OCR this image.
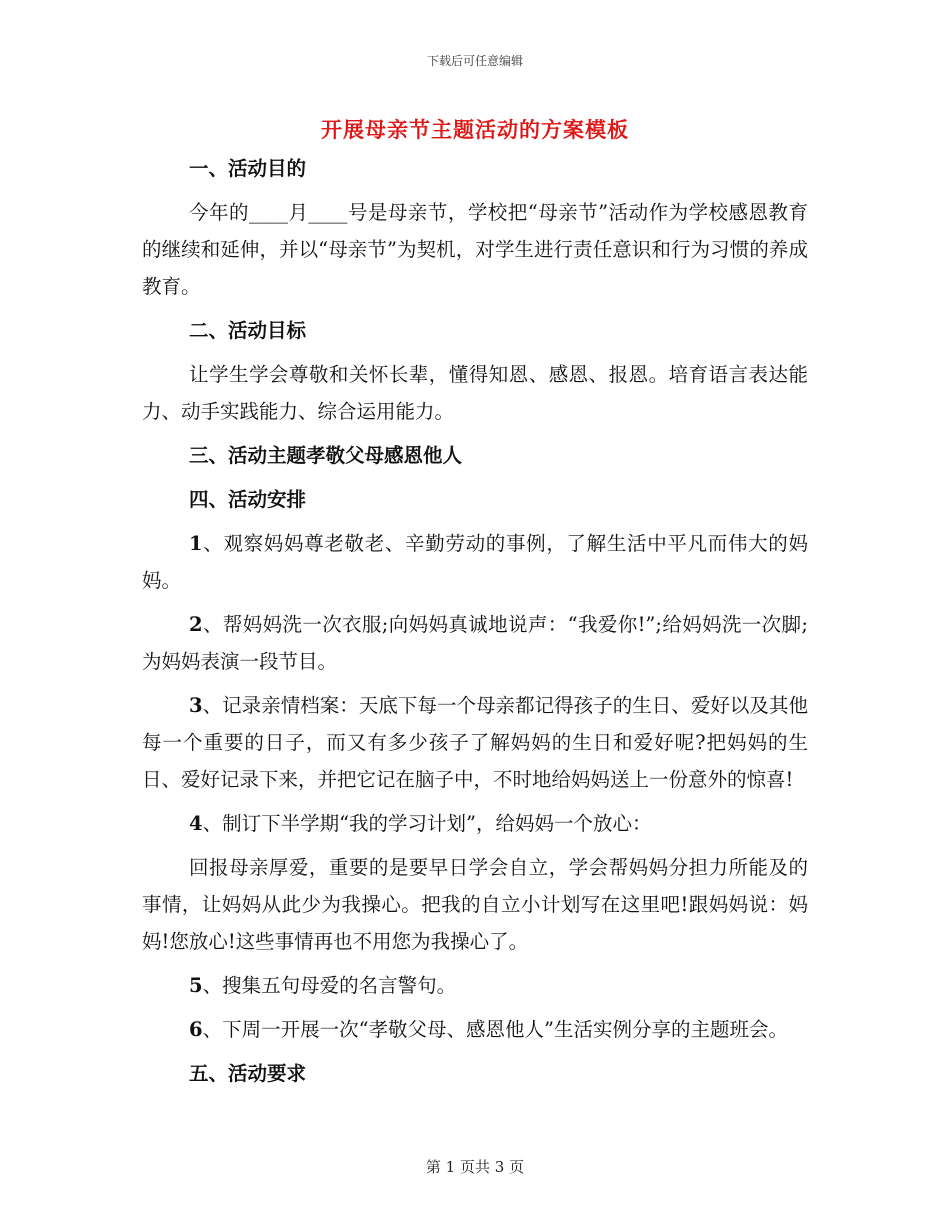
下载后可任意编辑
开展母亲节主题活动的方案模板

一、活动目的

今年的____月____号是母亲节，学校把“母亲节”活动作为学校感恩教育的继续和延伸，并以“母亲节”为契机，对学生进行责任意识和行为习惯的养成教育。

二、活动目标

让学生学会尊敬和关怀长辈，懂得知恩、感恩、报恩。培育语言表达能力、动手实践能力、综合运用能力。

三、活动主题孝敬父母感恩他人

四、活动安排

1、观察妈妈尊老敬老、辛勤劳动的事例，了解生活中平凡而伟大的妈妈。

2、帮妈妈洗一次衣服;向妈妈真诚地说声：“我爱你!”;给妈妈洗一次脚;为妈妈表演一段节目。

3、记录亲情档案：天底下每一个母亲都记得孩子的生日、爱好以及其他每一个重要的日子，而又有多少孩子了解妈妈的生日和爱好呢?把妈妈的生日、爱好记录下来，并把它记在脑子中，不时地给妈妈送上一份意外的惊喜!

4、制订下半学期“我的学习计划”，给妈妈一个放心：

回报母亲厚爱，重要的是要早日学会自立，学会帮妈妈分担力所能及的事情，让妈妈从此少为我操心。把我的自立小计划写在这里吧!跟妈妈说：妈妈!您放心!这些事情再也不用您为我操心了。

5、搜集五句母爱的名言警句。

6、下周一开展一次“孝敬父母、感恩他人”生活实例分享的主题班会。

五、活动要求

第 1 页共 3 页
